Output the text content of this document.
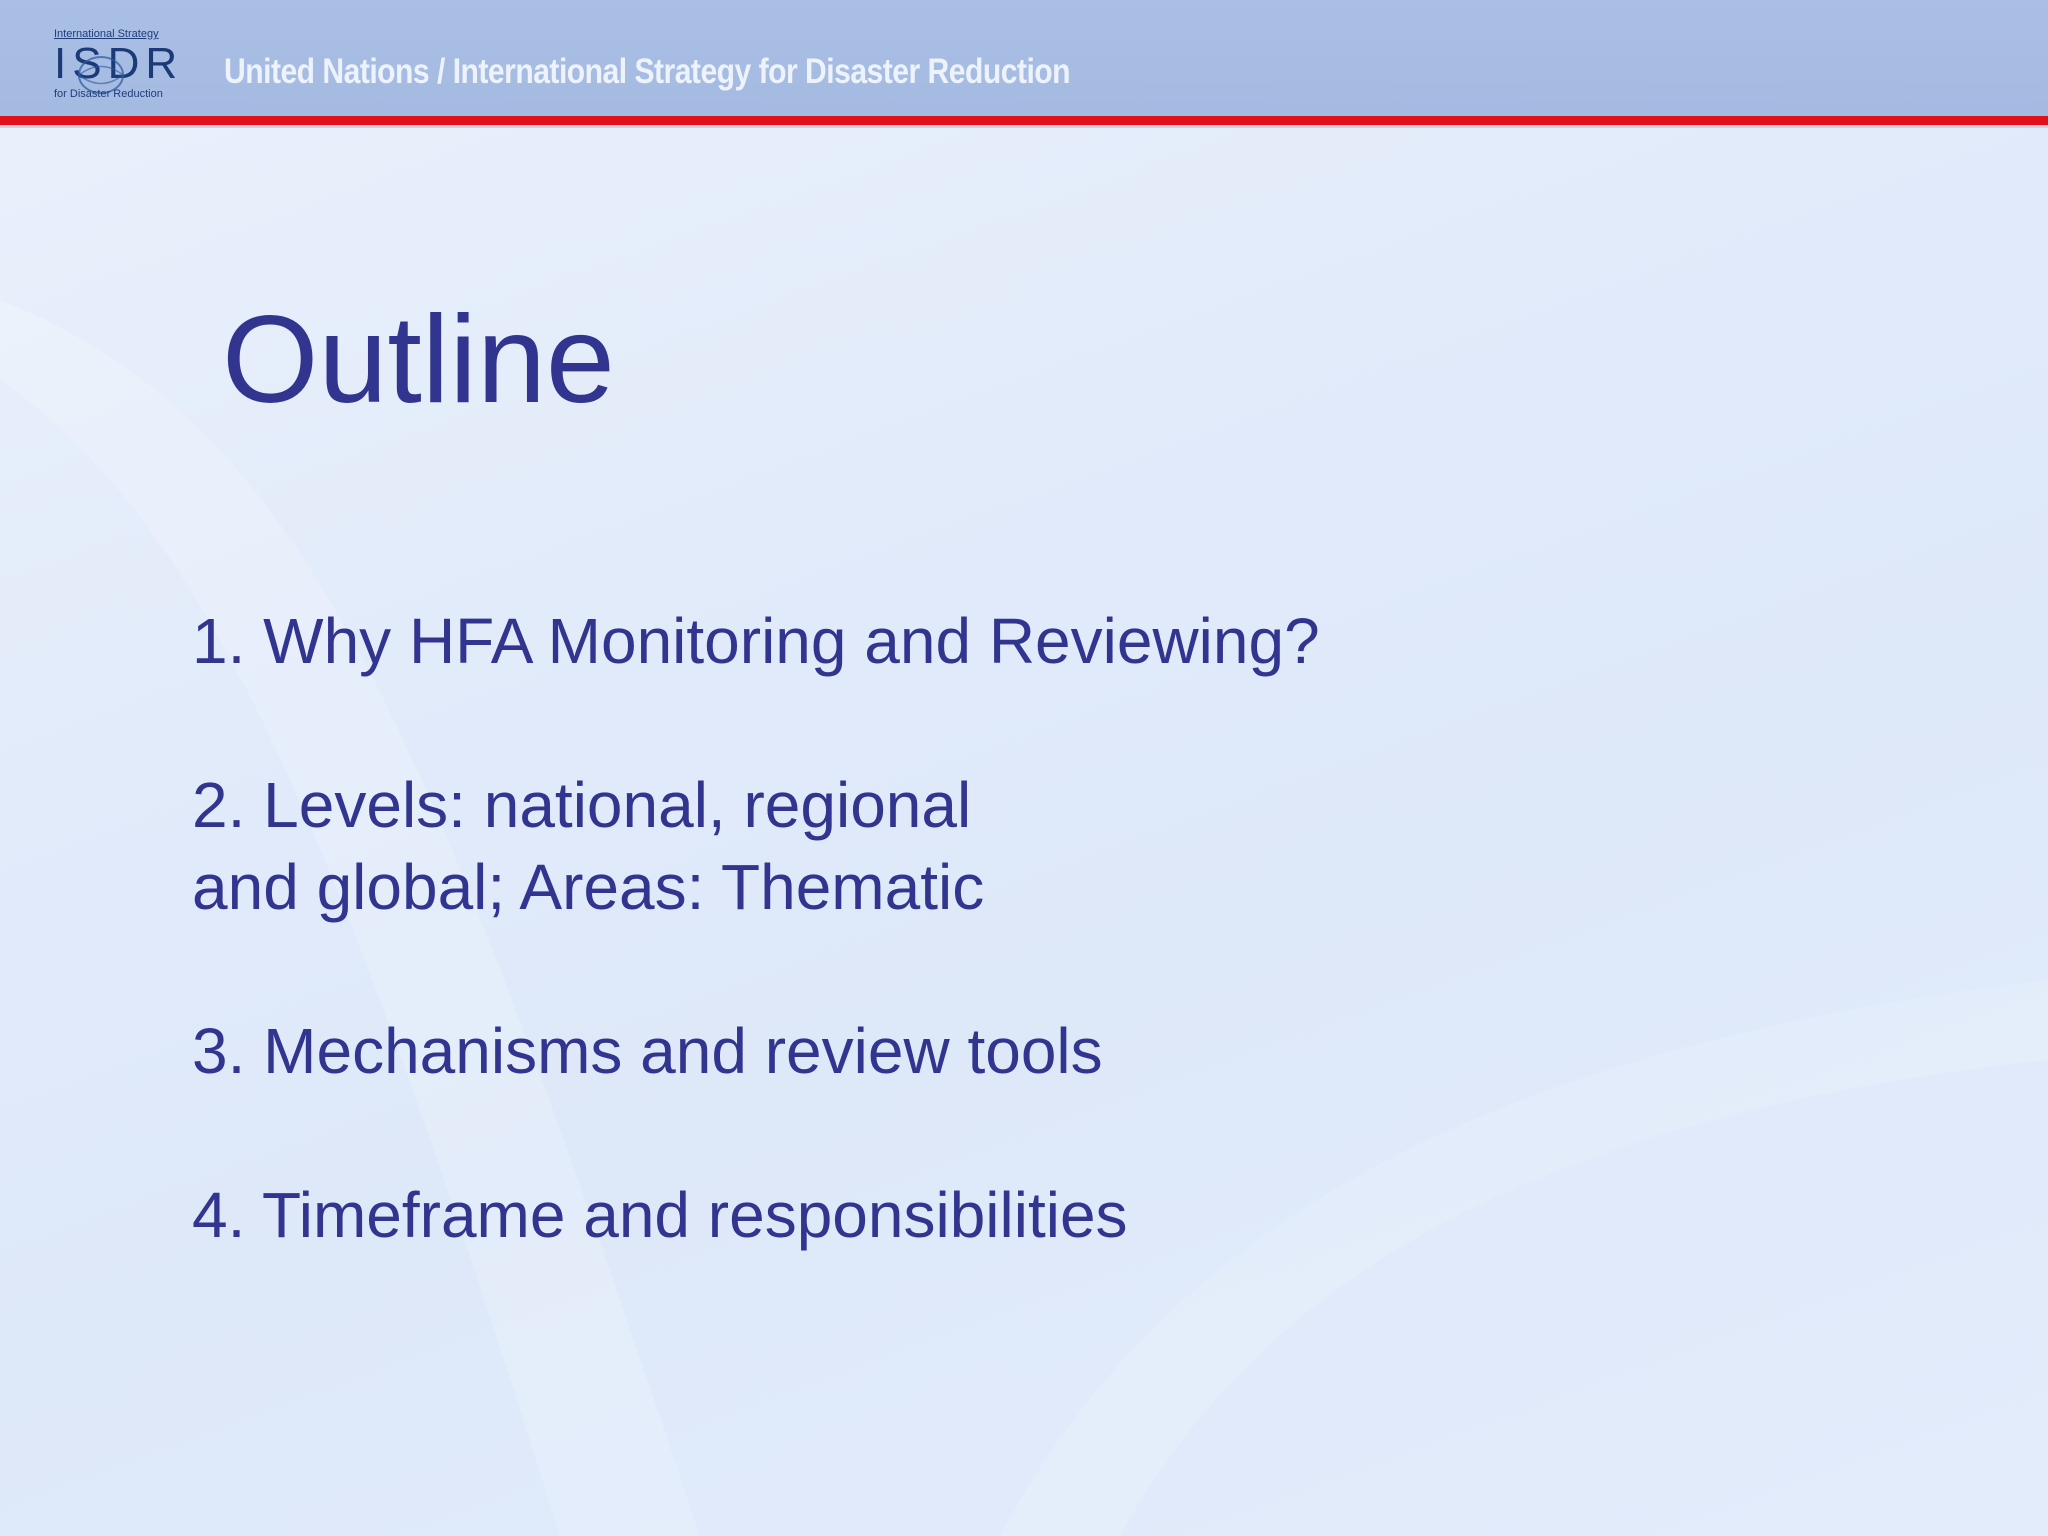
International Strategy
ISDR
for Disaster Reduction
United Nations / International Strategy for Disaster Reduction
Outline
1. Why HFA Monitoring and Reviewing?
2. Levels: national, regional
and global; Areas: Thematic
3. Mechanisms and review tools
4. Timeframe and responsibilities
